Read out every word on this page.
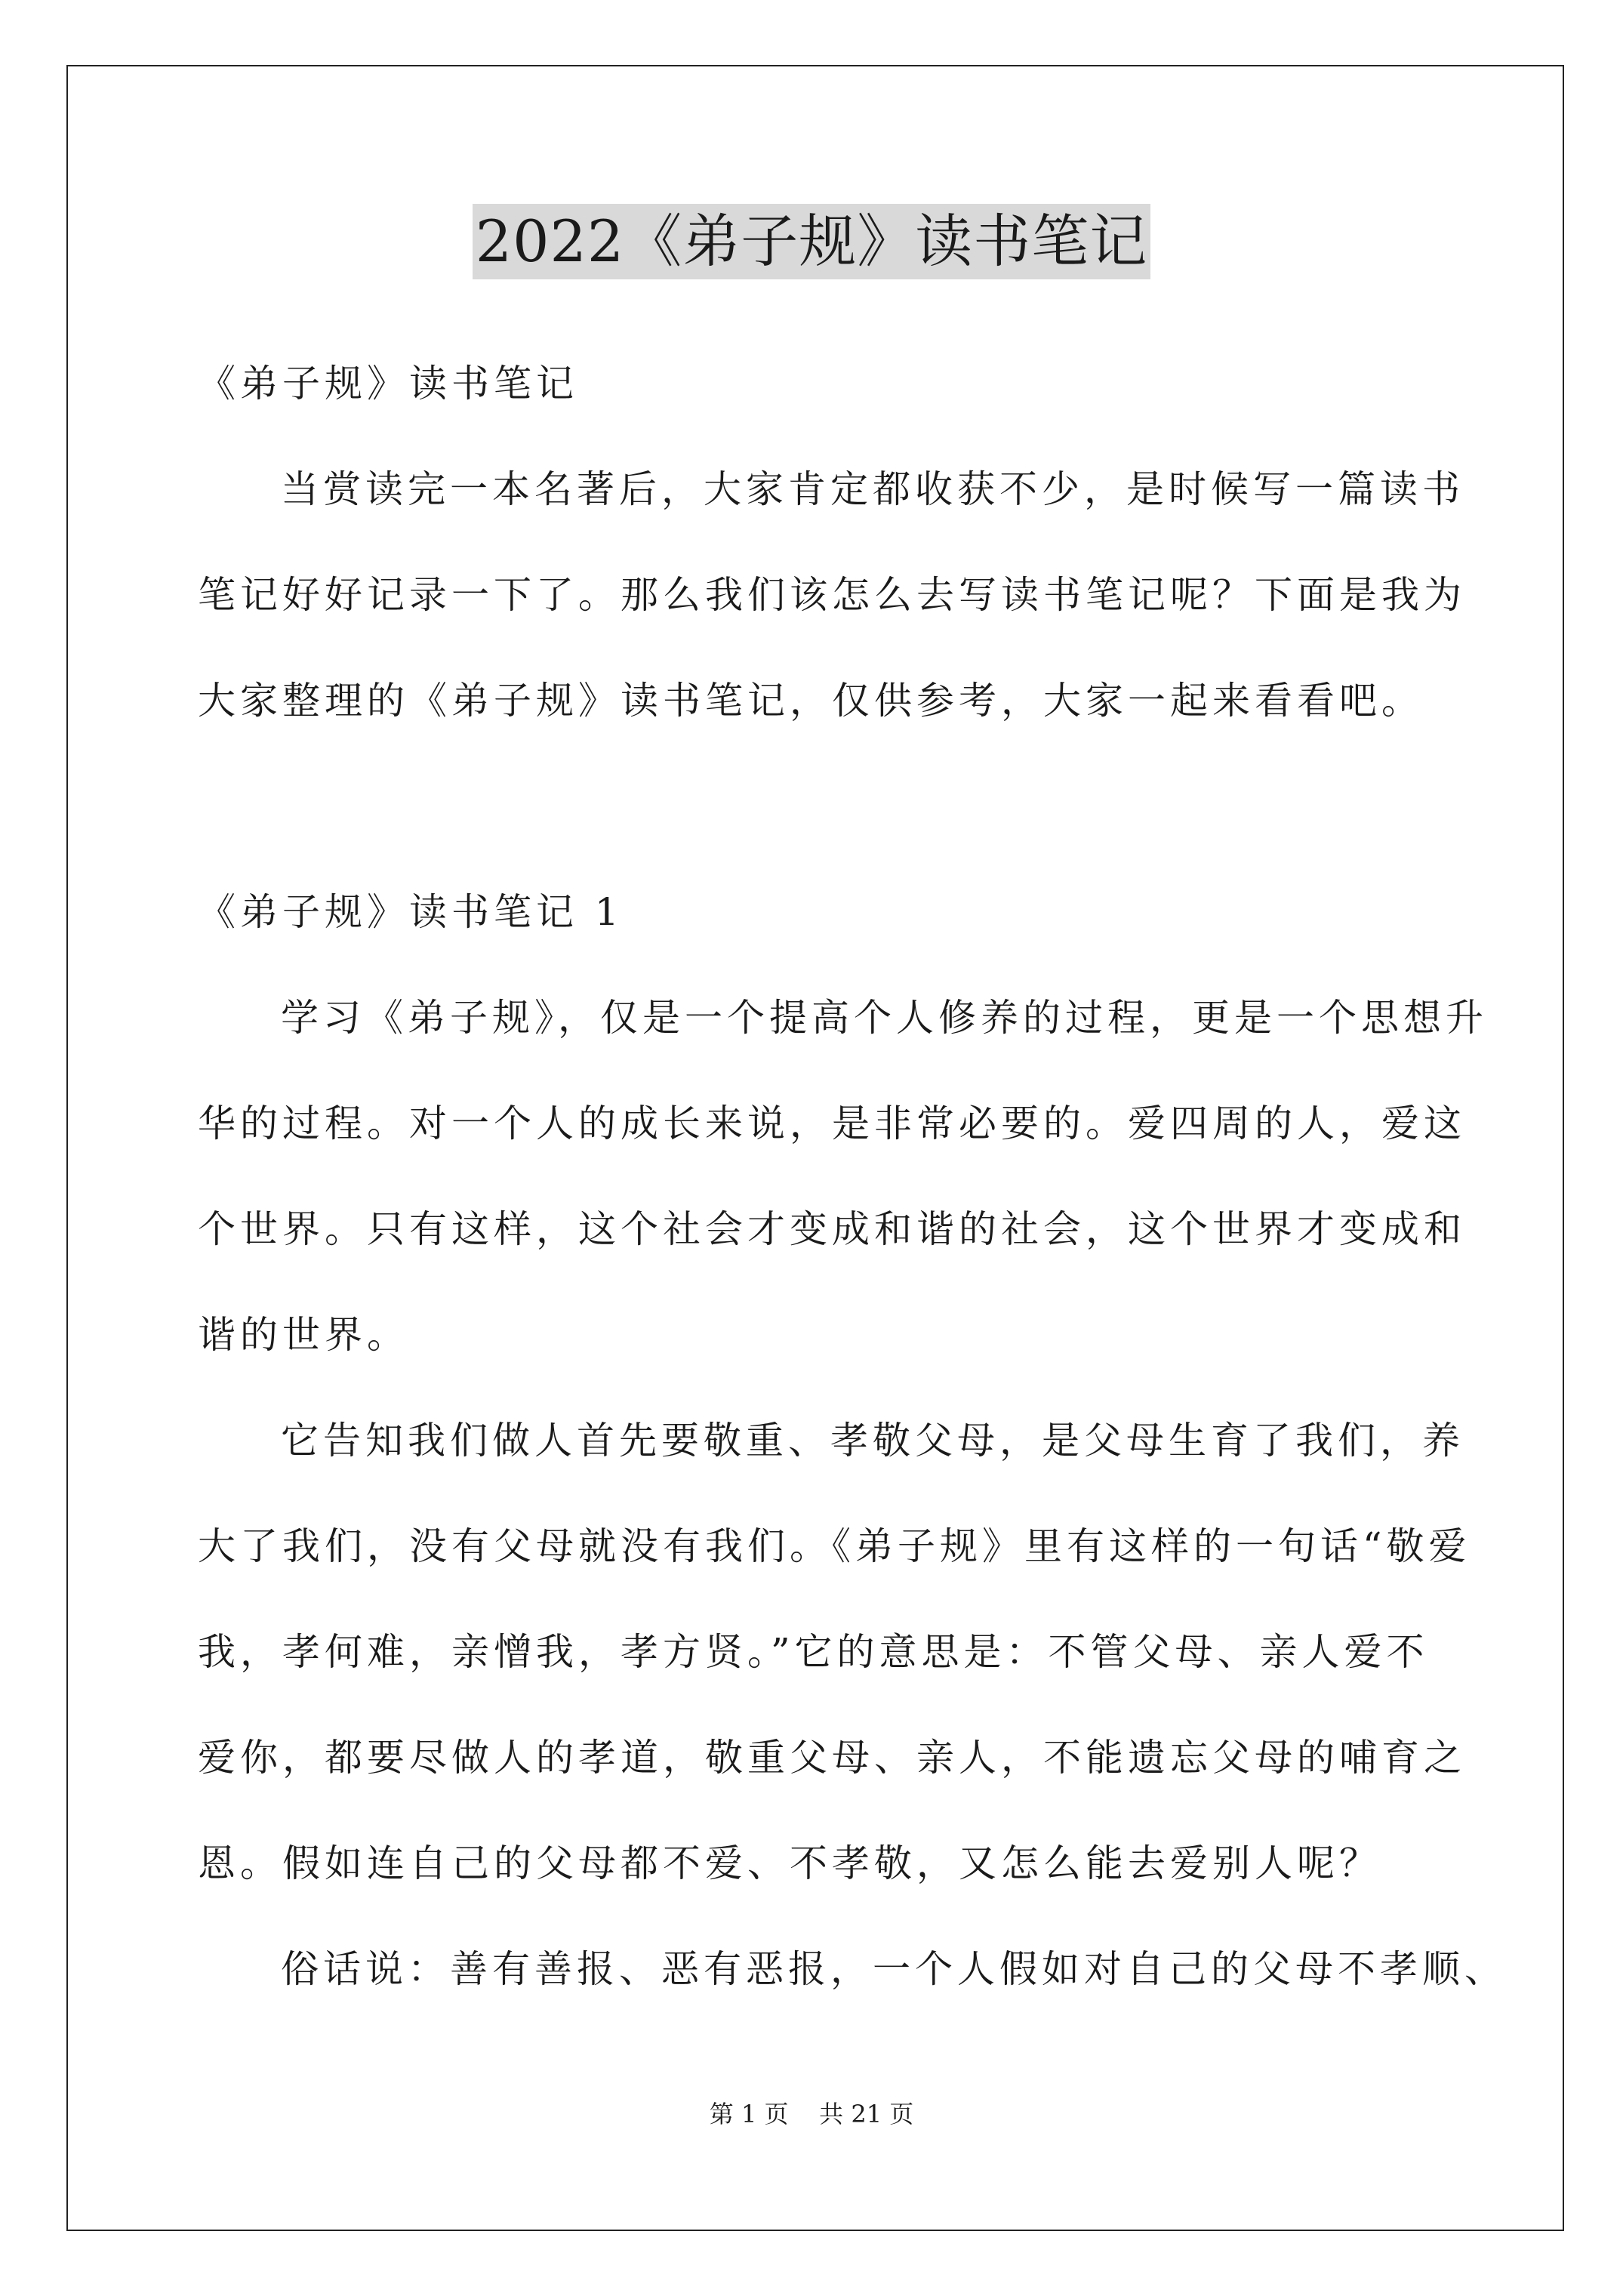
2022《弟子规》读书笔记
《弟子规》读书笔记
当赏读完一本名著后，大家肯定都收获不少，是时候写一篇读书
笔记好好记录一下了。那么我们该怎么去写读书笔记呢？下面是我为
大家整理的《弟子规》读书笔记，仅供参考，大家一起来看看吧。
《弟子规》读书笔记 1
学习《弟子规》，仅是一个提高个人修养的过程，更是一个思想升
华的过程。对一个人的成长来说，是非常必要的。爱四周的人，爱这
个世界。只有这样，这个社会才变成和谐的社会，这个世界才变成和
谐的世界。
它告知我们做人首先要敬重、孝敬父母，是父母生育了我们，养
大了我们，没有父母就没有我们。《弟子规》里有这样的一句话“敬爱
我，孝何难，亲憎我，孝方贤。”它的意思是：不管父母、亲人爱不
爱你，都要尽做人的孝道，敬重父母、亲人，不能遗忘父母的哺育之
恩。假如连自己的父母都不爱、不孝敬，又怎么能去爱别人呢？
俗话说：善有善报、恶有恶报，一个人假如对自己的父母不孝顺、
第 1 页    共 21 页
